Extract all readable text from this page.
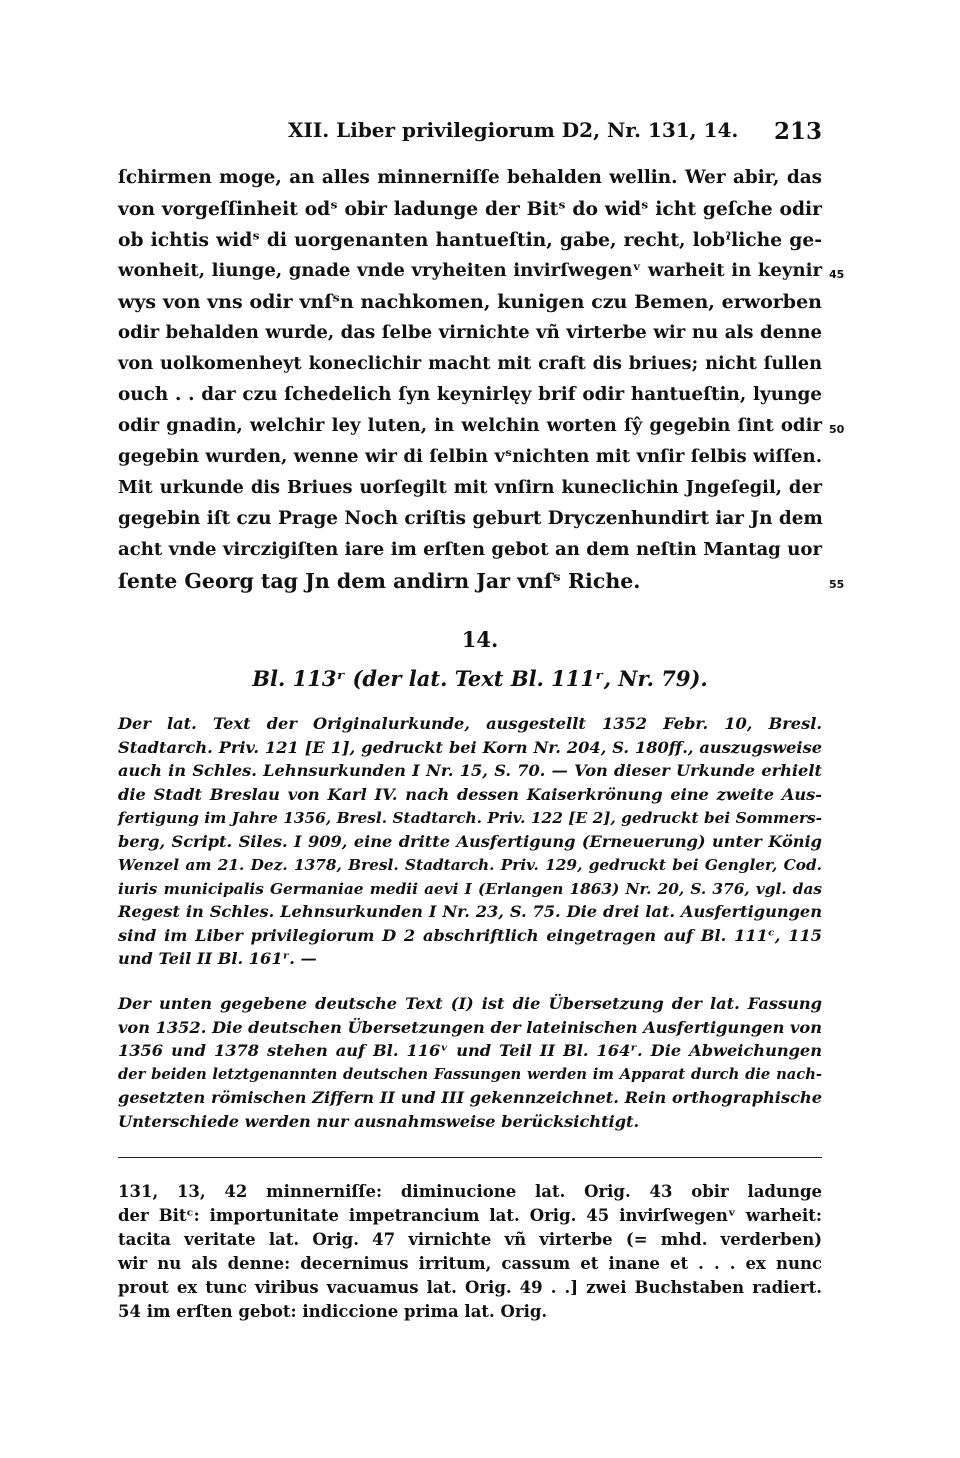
XII. Liber privilegiorum D2, Nr. 131, 14. 213
ſchirmen moge, an alles minnerniſſe behalden wellin. Wer abir, das
von vorgeſſinheit odˢ obir ladunge der Bitˢ do widˢ icht geſche odir
ob ichtis widˢ di uorgenanten hantueſtin, gabe, recht, lobˀliche ge-
wonheit, liunge, gnade vnde vryheiten invirſwegenᵛ warheit in keynir
wys von vns odir vnſˢn nachkomen, kunigen czu Bemen, erworben
odir behalden wurde, das ſelbe virnichte vñ virterbe wir nu als denne
von uolkomenheyt koneclichir macht mit craft dis briues; nicht ſullen
ouch . . dar czu ſchedelich ſyn keynirlęy brif odir hantueſtin, lyunge
odir gnadin, welchir ley luten, in welchin worten ſŷ gegebin ſint odir
gegebin wurden, wenne wir di ſelbin vˢnichten mit vnſir ſelbis wiſſen.
Mit urkunde dis Briues uorſegilt mit vnſirn kuneclichin Jngeſegil, der
gegebin iſt czu Prage Noch criſtis geburt Dryczenhundirt iar Jn dem
acht vnde virczigiſten iare im erſten gebot an dem neſtin Mantag uor
ſente Georg tag Jn dem andirn Jar vnſˢ Riche.
45
50
55
14.
Bl. 113ʳ (der lat. Text Bl. 111ʳ, Nr. 79).
Der lat. Text der Originalurkunde, ausgestellt 1352 Febr. 10, Bresl.
Stadtarch. Priv. 121 [E 1], gedruckt bei Korn Nr. 204, S. 180ff., auszugsweise
auch in Schles. Lehnsurkunden I Nr. 15, S. 70. — Von dieser Urkunde erhielt
die Stadt Breslau von Karl IV. nach dessen Kaiserkrönung eine zweite Aus-
fertigung im Jahre 1356, Bresl. Stadtarch. Priv. 122 [E 2], gedruckt bei Sommers-
berg, Script. Siles. I 909, eine dritte Ausfertigung (Erneuerung) unter König
Wenzel am 21. Dez. 1378, Bresl. Stadtarch. Priv. 129, gedruckt bei Gengler, Cod.
iuris municipalis Germaniae medii aevi I (Erlangen 1863) Nr. 20, S. 376, vgl. das
Regest in Schles. Lehnsurkunden I Nr. 23, S. 75. Die drei lat. Ausfertigungen
sind im Liber privilegiorum D 2 abschriftlich eingetragen auf Bl. 111ᶜ, 115
und Teil II Bl. 161ʳ. —
Der unten gegebene deutsche Text (I) ist die Übersetzung der lat. Fassung
von 1352. Die deutschen Übersetzungen der lateinischen Ausfertigungen von
1356 und 1378 stehen auf Bl. 116ᵛ und Teil II Bl. 164ʳ. Die Abweichungen
der beiden letztgenannten deutschen Fassungen werden im Apparat durch die nach-
gesetzten römischen Ziffern II und III gekennzeichnet. Rein orthographische
Unterschiede werden nur ausnahmsweise berücksichtigt.
131, 13, 42 minnerniſſe: diminucione lat. Orig. 43 obir ladunge
der Bitᶜ: importunitate impetrancium lat. Orig. 45 invirſwegenᵛ warheit:
tacita veritate lat. Orig. 47 virnichte vñ virterbe (= mhd. verderben)
wir nu als denne: decernimus irritum, cassum et inane et . . . ex nunc
prout ex tunc viribus vacuamus lat. Orig. 49 . .] zwei Buchstaben radiert.
54 im erſten gebot: indiccione prima lat. Orig.
